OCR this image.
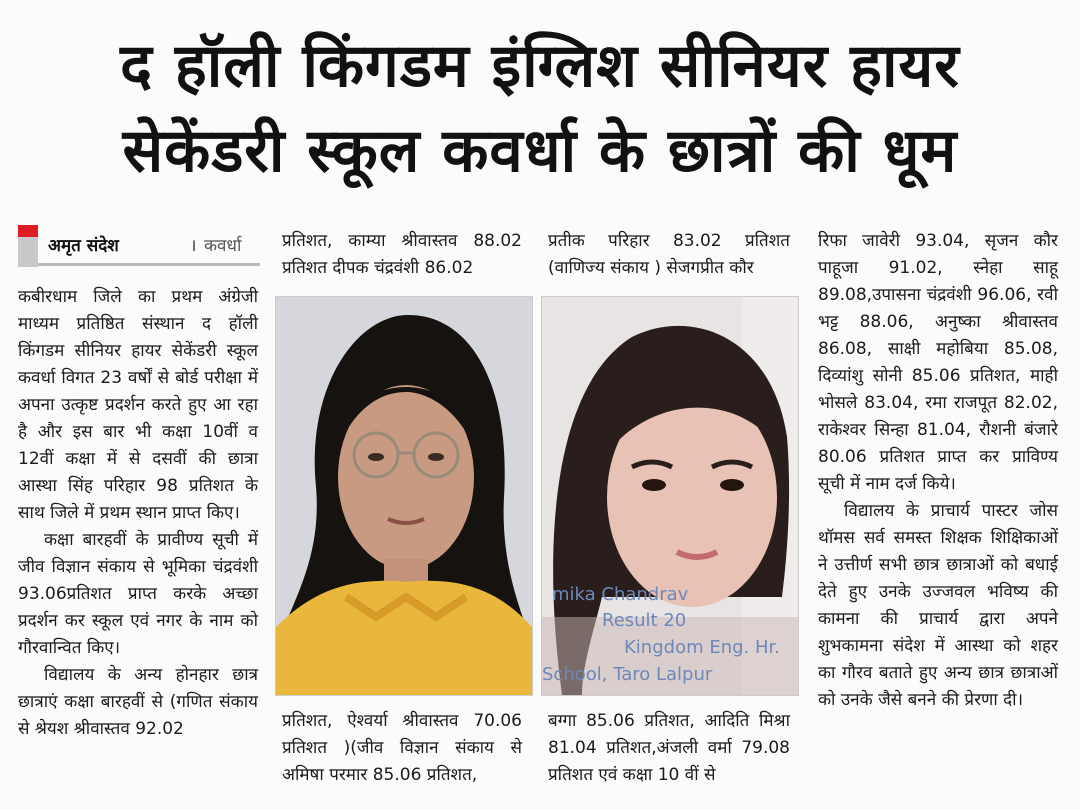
द हॉली किंगडम इंग्लिश सीनियर हायर
सेकेंडरी स्कूल कवर्धा के छात्रों की धूम
अमृत संदेश	। कवर्धा

कबीरधाम जिले का प्रथम अंग्रेजी माध्यम प्रतिष्ठित संस्थान द हॉली किंगडम सीनियर हायर सेकेंडरी स्कूल कवर्धा विगत 23 वर्षों से बोर्ड परीक्षा में अपना उत्कृष्ट प्रदर्शन करते हुए आ रहा है और इस बार भी कक्षा 10वीं व 12वीं कक्षा में से दसवीं की छात्रा आस्था सिंह परिहार 98 प्रतिशत के साथ जिले में प्रथम स्थान प्राप्त किए।

कक्षा बारहवीं के प्रावीण्य सूची में जीव विज्ञान संकाय से भूमिका चंद्रवंशी 93.06प्रतिशत प्राप्त करके अच्छा प्रदर्शन कर स्कूल एवं नगर के नाम को गौरवान्वित किए।

विद्यालय के अन्य होनहार छात्र छात्राएं कक्षा बारहवीं से (गणित संकाय से श्रेयश श्रीवास्तव 92.02

प्रतिशत, काम्या श्रीवास्तव 88.02 प्रतिशत दीपक चंद्रवंशी 86.02
प्रतिशत, ऐश्वर्या श्रीवास्तव 70.06 प्रतिशत )(जीव विज्ञान संकाय से अमिषा परमार 85.06 प्रतिशत,
प्रतीक परिहार 83.02 प्रतिशत (वाणिज्य संकाय ) सेजगप्रीत कौर
mika Chandrav
Result 20
Kingdom Eng. Hr.
School, Taro Lalpur
बग्गा 85.06 प्रतिशत, आदिति मिश्रा 81.04 प्रतिशत,अंजली वर्मा 79.08 प्रतिशत एवं कक्षा 10 वीं से

रिफा जावेरी 93.04, सृजन कौर पाहूजा 91.02, स्नेहा साहू 89.08,उपासना चंद्रवंशी 96.06, रवी भट्ट 88.06, अनुष्का श्रीवास्तव 86.08, साक्षी महोबिया 85.08, दिव्यांशु सोनी 85.06 प्रतिशत, माही भोसले 83.04, रमा राजपूत 82.02, राकेश्वर सिन्हा 81.04, रौशनी बंजारे 80.06 प्रतिशत प्राप्त कर प्राविण्य सूची में नाम दर्ज किये।

विद्यालय के प्राचार्य पास्टर जोस थॉमस सर्व समस्त शिक्षक शिक्षिकाओं ने उत्तीर्ण सभी छात्र छात्राओं को बधाई देते हुए उनके उज्जवल भविष्य की कामना की प्राचार्य द्वारा अपने शुभकामना संदेश में आस्था को शहर का गौरव बताते हुए अन्य छात्र छात्राओं को उनके जैसे बनने की प्रेरणा दी।
